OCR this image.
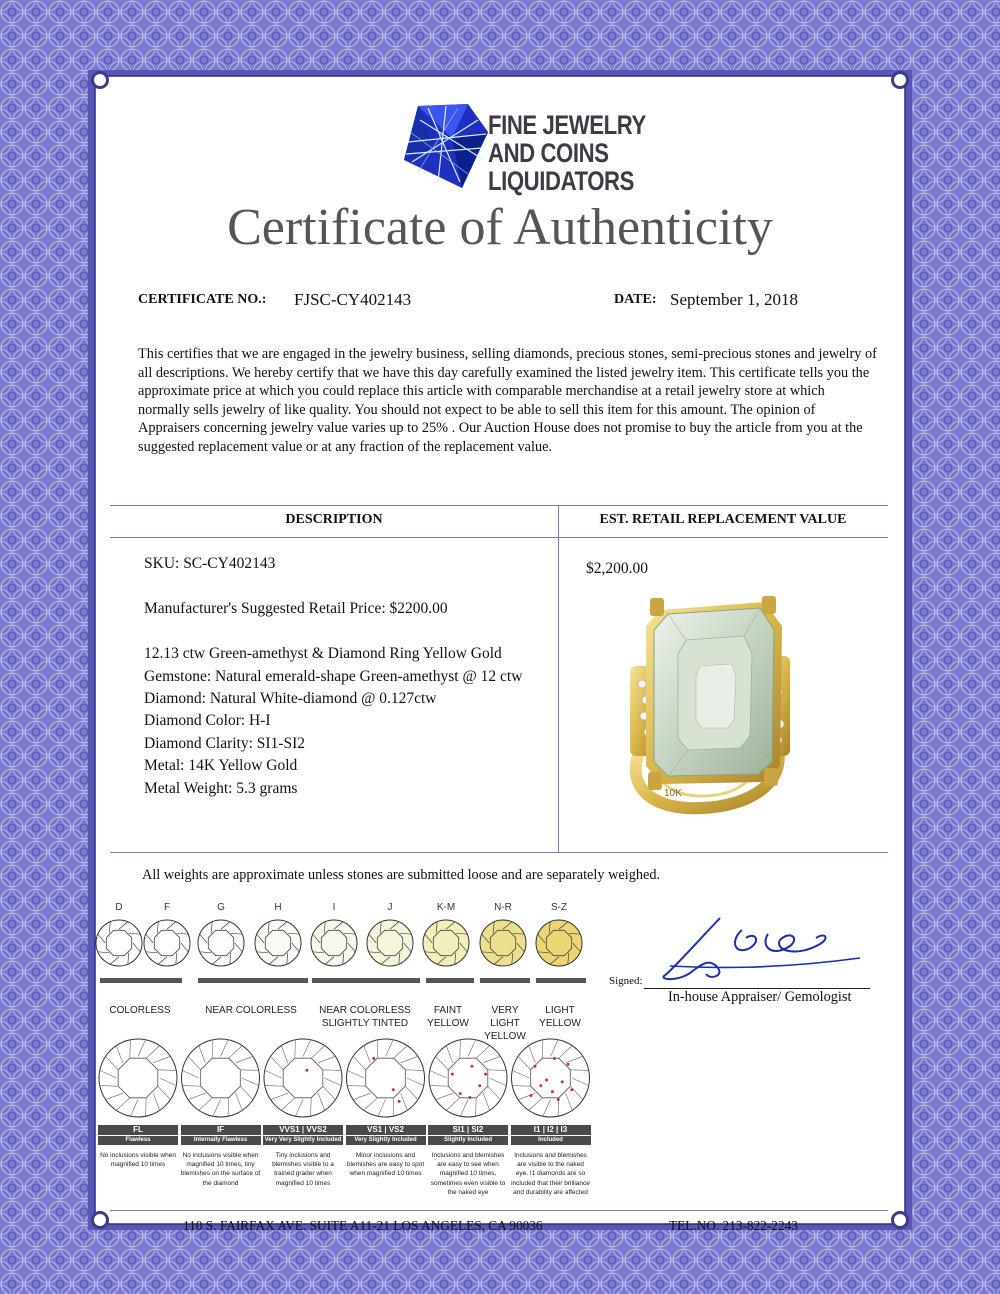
FINE JEWELRY
AND COINS
LIQUIDATORS
Certificate of Authenticity
CERTIFICATE NO.: FJSC-CY402143	DATE: September 1, 2018
This certifies that we are engaged in the jewelry business, selling diamonds, precious stones, semi-precious stones and jewelry of all descriptions. We hereby certify that we have this day carefully examined the listed jewelry item. This certificate tells you the approximate price at which you could replace this article with comparable merchandise at a retail jewelry store at which normally sells jewelry of like quality. You should not expect to be able to sell this item for this amount. The opinion of Appraisers concerning jewelry value varies up to 25% . Our Auction House does not promise to buy the article from you at the suggested replacement value or at any fraction of the replacement value.
DESCRIPTION	EST. RETAIL REPLACEMENT VALUE
SKU: SC-CY402143
Manufacturer's Suggested Retail Price: $2200.00
12.13 ctw Green-amethyst & Diamond Ring Yellow Gold
Gemstone: Natural emerald-shape Green-amethyst @ 12 ctw
Diamond: Natural White-diamond @ 0.127ctw
Diamond Color: H-I
Diamond Clarity: SI1-SI2
Metal: 14K Yellow Gold
Metal Weight: 5.3 grams
$2,200.00
10K
All weights are approximate unless stones are submitted loose and are separately weighed.
D	F	G	H	I	J	K-M	N-R	S-Z
COLORLESS	NEAR COLORLESS	NEAR COLORLESS SLIGHTLY TINTED
FAINT YELLOW
VERY LIGHT YELLOW
LIGHT YELLOW
FL
Flawless
No inclusions visible when magnified 10 times
IF
Internally Flawless
No inclusions visible when magnified 10 times, tiny blemishes on the surface of the diamond
VVS1 | VVS2
Very Very Slightly Included
Tiny inclusions and blemishes visible to a trained grader when magnified 10 times
VS1 | VS2
Very Slightly Included
Minor inclusions and blemishes are easy to spot when magnified 10 times
SI1 | SI2
Slightly Included
Inclusions and blemishes are easy to see when magnified 10 times, sometimes even visible to the naked eye
I1 | I2 | I3
Included
Inclusions and blemishes are visible to the naked eye. I1 diamonds are so included that their brilliance and durability are affected
Signed:
In-house Appraiser/ Gemologist
110 S. FAIRFAX AVE. SUITE A11-21 LOS ANGELES, CA 90036	TEL.NO. 213-822-2243
